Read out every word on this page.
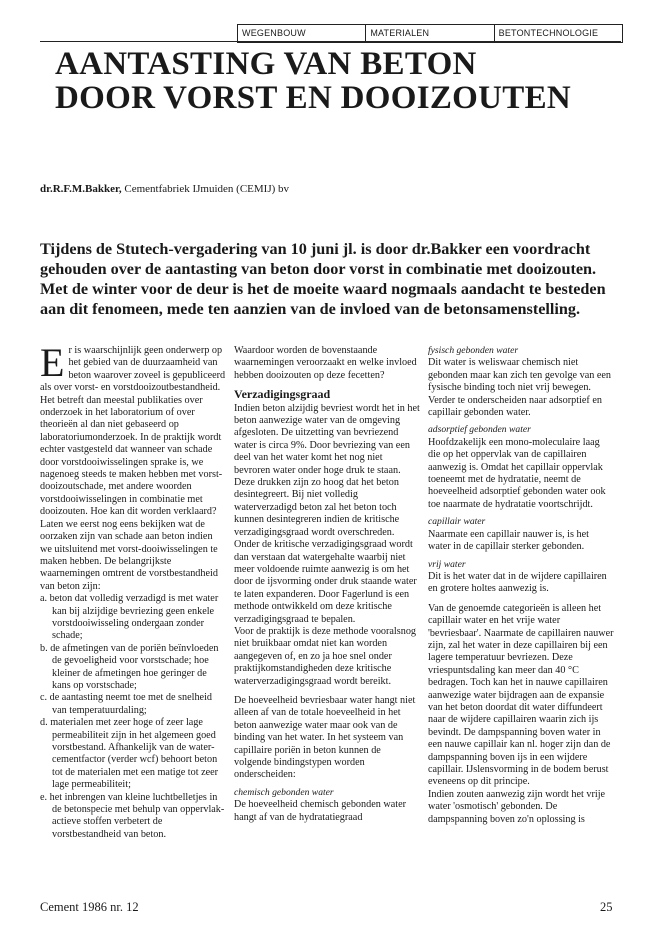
WEGENBOUW	MATERIALEN	BETONTECHNOLOGIE
AANTASTING VAN BETON
DOOR VORST EN DOOIZOUTEN
dr.R.F.M.Bakker, Cementfabriek IJmuiden (CEMIJ) bv

Tijdens de Stutech-vergadering van 10 juni jl. is door dr.Bakker een voordracht gehouden over de aantasting van beton door vorst in combinatie met dooizouten. Met de winter voor de deur is het de moeite waard nogmaals aandacht te besteden aan dit fenomeen, mede ten aanzien van de invloed van de betonsamenstelling.

Er is waarschijnlijk geen onderwerp op het gebied van de duurzaamheid van beton waarover zoveel is gepubliceerd als over vorst- en vorstdooizoutbestandheid.

Het betreft dan meestal publikaties over onderzoek in het laboratorium of over theorieën al dan niet gebaseerd op laboratoriumonderzoek. In de praktijk wordt echter vastgesteld dat wanneer van schade door vorstdooiwisselingen sprake is, we nagenoeg steeds te maken hebben met vorst-dooizoutschade, met andere woorden vorstdooiwisselingen in combinatie met dooizouten. Hoe kan dit worden verklaard?

Laten we eerst nog eens bekijken wat de oorzaken zijn van schade aan beton indien we uitsluitend met vorst-dooiwisselingen te maken hebben. De belangrijkste waarnemingen omtrent de vorstbestandheid van beton zijn:

a. beton dat volledig verzadigd is met water kan bij alzijdige bevriezing geen enkele vorstdooiwisseling ondergaan zonder schade;

b. de afmetingen van de poriën beïnvloeden de gevoeligheid voor vorstschade; hoe kleiner de afmetingen hoe geringer de kans op vorstschade;

c. de aantasting neemt toe met de snelheid van temperatuurdaling;

d. materialen met zeer hoge of zeer lage permeabiliteit zijn in het algemeen goed vorstbestand. Afhankelijk van de water-cementfactor (verder wcf) behoort beton tot de materialen met een matige tot zeer lage permeabiliteit;

e. het inbrengen van kleine luchtbelletjes in de betonspecie met behulp van oppervlak-actieve stoffen verbetert de vorstbestandheid van beton.

Waardoor worden de bovenstaande waarnemingen veroorzaakt en welke invloed hebben dooizouten op deze fecetten?

Verzadigingsgraad

Indien beton alzijdig bevriest wordt het in het beton aanwezige water van de omgeving afgesloten. De uitzetting van bevriezend water is circa 9%. Door bevriezing van een deel van het water komt het nog niet bevroren water onder hoge druk te staan. Deze drukken zijn zo hoog dat het beton desintegreert. Bij niet volledig waterverzadigd beton zal het beton toch kunnen desintegreren indien de kritische verzadigingsgraad wordt overschreden. Onder de kritische verzadigingsgraad wordt dan verstaan dat watergehalte waarbij niet meer voldoende ruimte aanwezig is om het door de ijsvorming onder druk staande water te laten expanderen. Door Fagerlund is een methode ontwikkeld om deze kritische verzadigingsgraad te bepalen.

Voor de praktijk is deze methode vooralsnog niet bruikbaar omdat niet kan worden aangegeven of, en zo ja hoe snel onder praktijkomstandigheden deze kritische waterverzadigingsgraad wordt bereikt.

De hoeveelheid bevriesbaar water hangt niet alleen af van de totale hoeveelheid in het beton aanwezige water maar ook van de binding van het water. In het systeem van capillaire poriën in beton kunnen de volgende bindingstypen worden onderscheiden:

chemisch gebonden water

De hoeveelheid chemisch gebonden water hangt af van de hydratatiegraad

fysisch gebonden water

Dit water is weliswaar chemisch niet gebonden maar kan zich ten gevolge van een fysische binding toch niet vrij bewegen. Verder te onderscheiden naar adsorptief en capillair gebonden water.

adsorptief gebonden water

Hoofdzakelijk een mono-moleculaire laag die op het oppervlak van de capillairen aanwezig is. Omdat het capillair oppervlak toeneemt met de hydratatie, neemt de hoeveelheid adsorptief gebonden water ook toe naarmate de hydratatie voortschrijdt.

capillair water

Naarmate een capillair nauwer is, is het water in de capillair sterker gebonden.

vrij water

Dit is het water dat in de wijdere capillairen en grotere holtes aanwezig is.

Van de genoemde categorieën is alleen het capillair water en het vrije water 'bevriesbaar'. Naarmate de capillairen nauwer zijn, zal het water in deze capillairen bij een lagere temperatuur bevriezen. Deze vriespuntsdaling kan meer dan 40 °C bedragen. Toch kan het in nauwe capillairen aanwezige water bijdragen aan de expansie van het beton doordat dit water diffundeert naar de wijdere capillairen waarin zich ijs bevindt. De dampspanning boven water in een nauwe capillair kan nl. hoger zijn dan de dampspanning boven ijs in een wijdere capillair. IJslensvorming in de bodem berust eveneens op dit principe.

Indien zouten aanwezig zijn wordt het vrije water 'osmotisch' gebonden. De dampspanning boven zo'n oplossing is

Cement 1986 nr. 12	25
